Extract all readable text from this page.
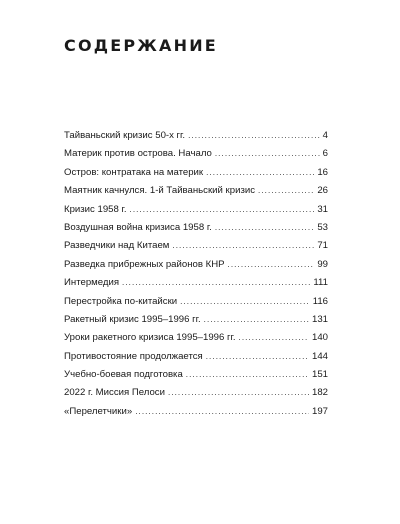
СОДЕРЖАНИЕ
Тайваньский кризис 50-х гг. .....	4
Материк против острова. Начало .....	6
Остров: контратака на материк .....	16
Маятник качнулся. 1-й Тайваньский кризис .....	26
Кризис 1958 г. .....	31
Воздушная война кризиса 1958 г. .....	53
Разведчики над Китаем .....	71
Разведка прибрежных районов КНР .....	99
Интермедия .....	111
Перестройка по-китайски .....	116
Ракетный кризис 1995–1996 гг. .....	131
Уроки ракетного кризиса 1995–1996 гг. .....	140
Противостояние продолжается .....	144
Учебно-боевая подготовка .....	151
2022 г. Миссия Пелоси .....	182
«Перелетчики» .....	197
